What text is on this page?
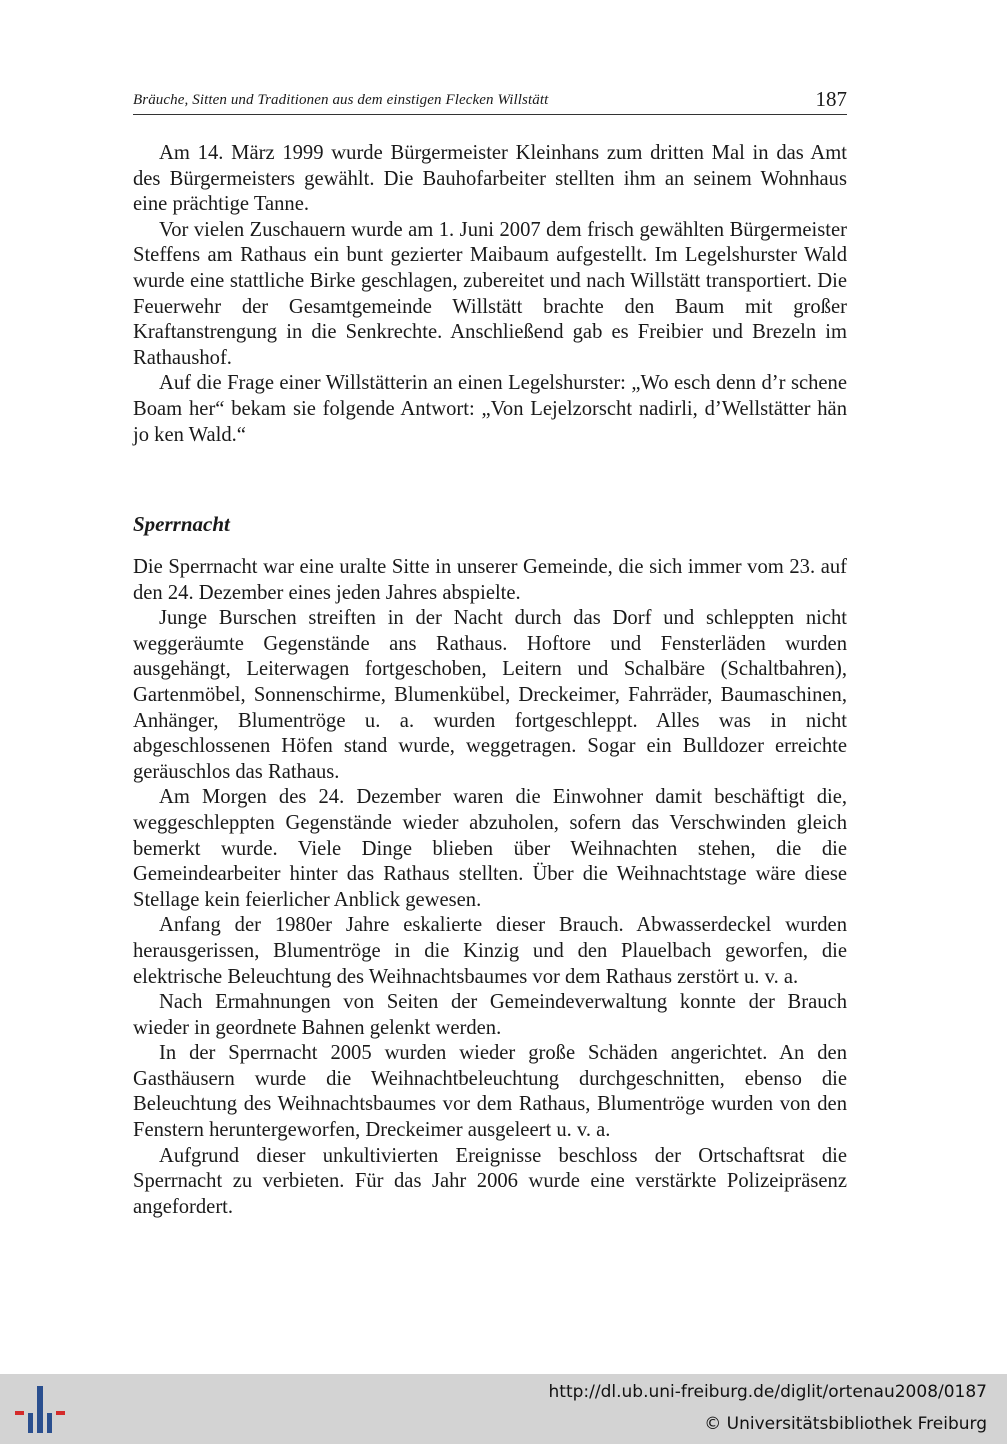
Bräuche, Sitten und Traditionen aus dem einstigen Flecken Willstätt	187

Am 14. März 1999 wurde Bürgermeister Kleinhans zum dritten Mal in das Amt des Bürgermeisters gewählt. Die Bauhofarbeiter stellten ihm an seinem Wohnhaus eine prächtige Tanne.

Vor vielen Zuschauern wurde am 1. Juni 2007 dem frisch gewählten Bürgermeister Steffens am Rathaus ein bunt gezierter Maibaum aufgestellt. Im Legelshurster Wald wurde eine stattliche Birke geschlagen, zubereitet und nach Willstätt transportiert. Die Feuerwehr der Gesamtgemeinde Willstätt brachte den Baum mit großer Kraftanstrengung in die Senkrechte. Anschließend gab es Freibier und Brezeln im Rathaushof.

Auf die Frage einer Willstätterin an einen Legelshurster: „Wo esch denn d’r schene Boam her“ bekam sie folgende Antwort: „Von Lejelzorscht nadirli, d’Wellstätter hän jo ken Wald.“

Sperrnacht

Die Sperrnacht war eine uralte Sitte in unserer Gemeinde, die sich immer vom 23. auf den 24. Dezember eines jeden Jahres abspielte.

Junge Burschen streiften in der Nacht durch das Dorf und schleppten nicht weggeräumte Gegenstände ans Rathaus. Hoftore und Fensterläden wurden ausgehängt, Leiterwagen fortgeschoben, Leitern und Schalbäre (Schaltbahren), Gartenmöbel, Sonnenschirme, Blumenkübel, Dreckeimer, Fahrräder, Baumaschinen, Anhänger, Blumentröge u. a. wurden fortgeschleppt. Alles was in nicht abgeschlossenen Höfen stand wurde, weggetragen. Sogar ein Bulldozer erreichte geräuschlos das Rathaus.

Am Morgen des 24. Dezember waren die Einwohner damit beschäftigt die, weggeschleppten Gegenstände wieder abzuholen, sofern das Verschwinden gleich bemerkt wurde. Viele Dinge blieben über Weihnachten stehen, die die Gemeindearbeiter hinter das Rathaus stellten. Über die Weihnachtstage wäre diese Stellage kein feierlicher Anblick gewesen.

Anfang der 1980er Jahre eskalierte dieser Brauch. Abwasserdeckel wurden herausgerissen, Blumentröge in die Kinzig und den Plauelbach geworfen, die elektrische Beleuchtung des Weihnachtsbaumes vor dem Rathaus zerstört u. v. a.

Nach Ermahnungen von Seiten der Gemeindeverwaltung konnte der Brauch wieder in geordnete Bahnen gelenkt werden.

In der Sperrnacht 2005 wurden wieder große Schäden angerichtet. An den Gasthäusern wurde die Weihnachtbeleuchtung durchgeschnitten, ebenso die Beleuchtung des Weihnachtsbaumes vor dem Rathaus, Blumentröge wurden von den Fenstern heruntergeworfen, Dreckeimer ausgeleert u. v. a.

Aufgrund dieser unkultivierten Ereignisse beschloss der Ortschaftsrat die Sperrnacht zu verbieten. Für das Jahr 2006 wurde eine verstärkte Polizeipräsenz angefordert.

http://dl.ub.uni-freiburg.de/diglit/ortenau2008/0187
© Universitätsbibliothek Freiburg
